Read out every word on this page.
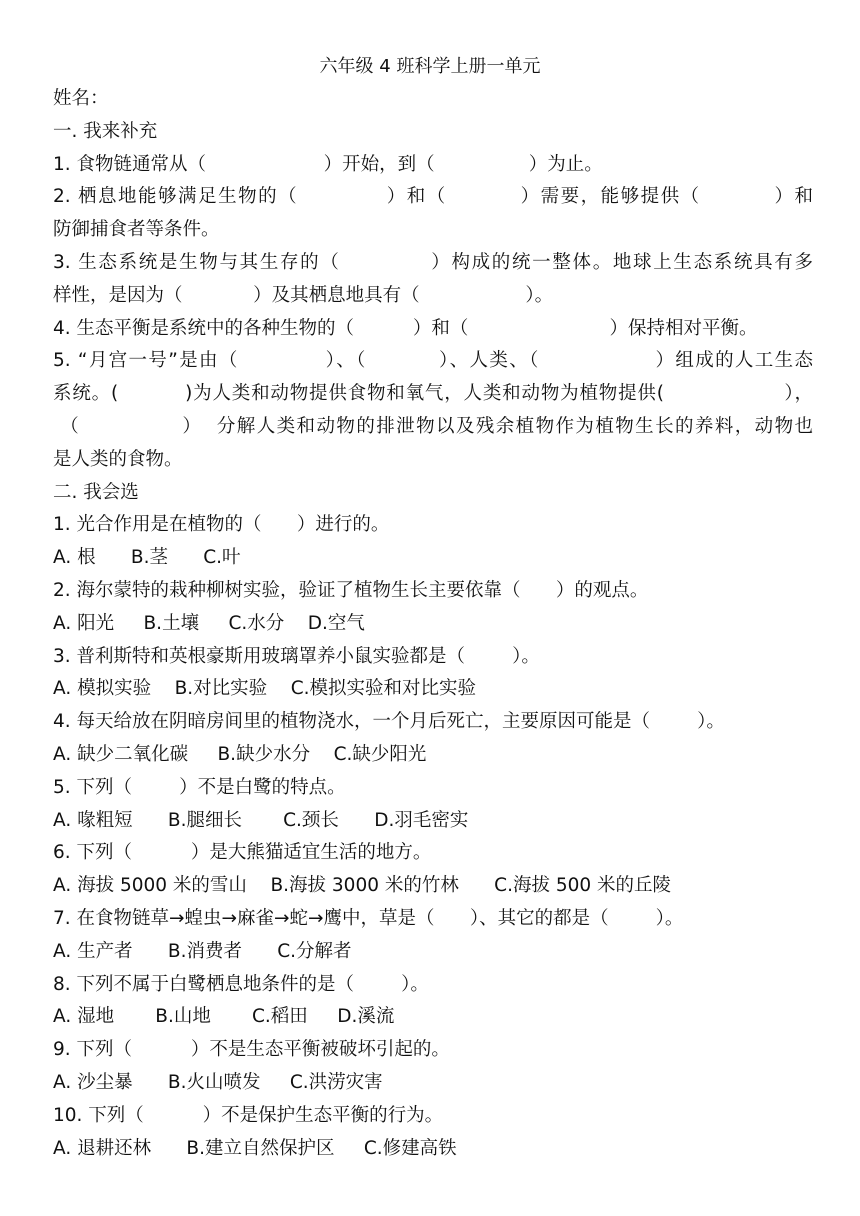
六年级 4 班科学上册一单元
姓名：
一. 我来补充
1. 食物链通常从（                    ）开始，到（                ）为止。
2. 栖息地能够满足生物的（            ）和（          ）需要，能够提供（          ）和
防御捕食者等条件。
3. 生态系统是生物与其生存的（            ）构成的统一整体。地球上生态系统具有多
样性，是因为（            ）及其栖息地具有（                  ）。
4. 生态平衡是系统中的各种生物的（          ）和（                        ）保持相对平衡。
5. “月宫一号”是由（            ）、（          ）、人类、（                ）组成的人工生态
系统。(          )为人类和动物提供食物和氧气，人类和动物为植物提供(                  ），
（              ）  分解人类和动物的排泄物以及残余植物作为植物生长的养料，动物也
是人类的食物。
二. 我会选
1. 光合作用是在植物的（      ）进行的。
A. 根      B.茎      C.叶
2. 海尔蒙特的栽种柳树实验，验证了植物生长主要依靠（      ）的观点。
A. 阳光     B.土壤     C.水分    D.空气
3. 普利斯特和英根豪斯用玻璃罩养小鼠实验都是（        ）。
A. 模拟实验    B.对比实验    C.模拟实验和对比实验
4. 每天给放在阴暗房间里的植物浇水，一个月后死亡，主要原因可能是（        ）。
A. 缺少二氧化碳     B.缺少水分    C.缺少阳光
5. 下列（        ）不是白鹭的特点。
A. 喙粗短      B.腿细长       C.颈长      D.羽毛密实
6. 下列（          ）是大熊猫适宜生活的地方。
A. 海拔 5000 米的雪山    B.海拔 3000 米的竹林      C.海拔 500 米的丘陵
7. 在食物链草→蝗虫→麻雀→蛇→鹰中，草是（      ）、其它的都是（        ）。
A. 生产者      B.消费者      C.分解者
8. 下列不属于白鹭栖息地条件的是（        ）。
A. 湿地       B.山地       C.稻田     D.溪流
9. 下列（          ）不是生态平衡被破坏引起的。
A. 沙尘暴      B.火山喷发     C.洪涝灾害
10. 下列（          ）不是保护生态平衡的行为。
A. 退耕还林      B.建立自然保护区     C.修建高铁
